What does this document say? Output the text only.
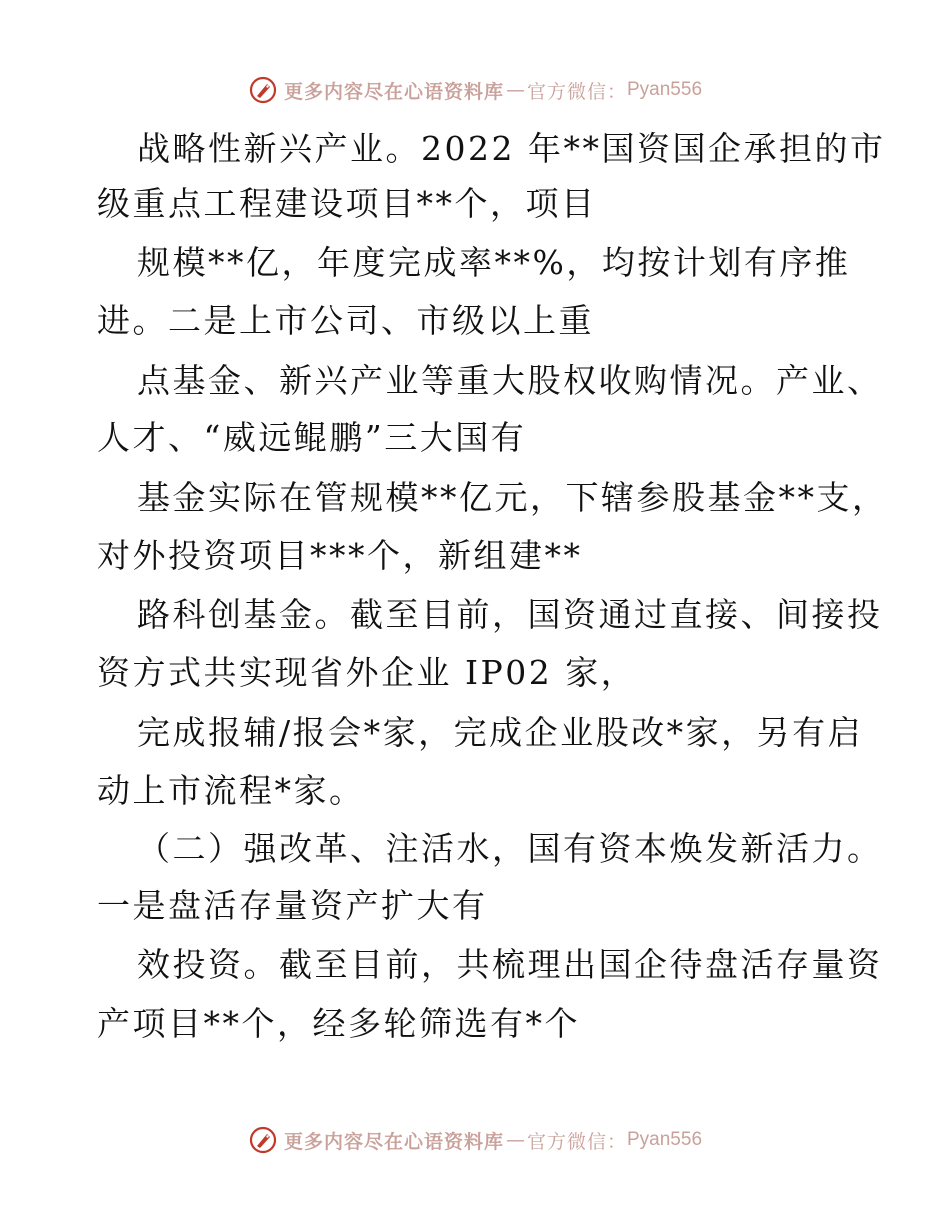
更多内容尽在心语资料库 — 官方微信： Pyan556
战略性新兴产业。2022 年**国资国企承担的市
级重点工程建设项目**个，项目
规模**亿，年度完成率**%，均按计划有序推
进。二是上市公司、市级以上重
点基金、新兴产业等重大股权收购情况。产业、
人才、“威远鲲鹏”三大国有
基金实际在管规模**亿元，下辖参股基金**支，
对外投资项目***个，新组建**
路科创基金。截至目前，国资通过直接、间接投
资方式共实现省外企业 IP02 家，
完成报辅/报会*家，完成企业股改*家，另有启
动上市流程*家。
（二）强改革、注活水，国有资本焕发新活力。
一是盘活存量资产扩大有
效投资。截至目前，共梳理出国企待盘活存量资
产项目**个，经多轮筛选有*个
更多内容尽在心语资料库 — 官方微信： Pyan556
